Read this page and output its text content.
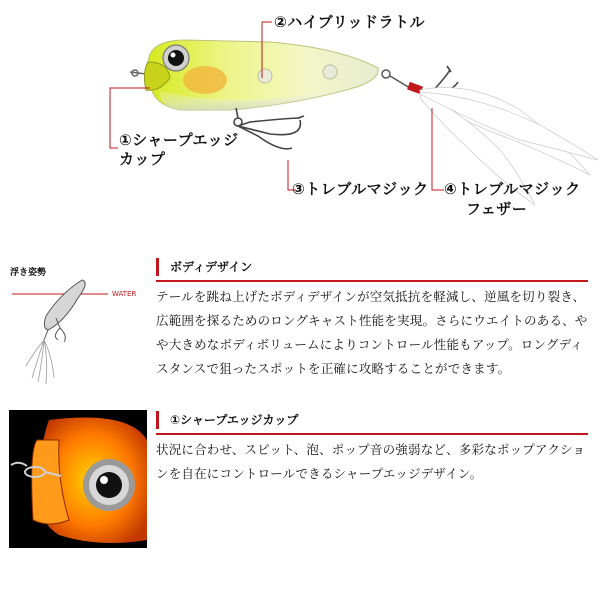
②ハイブリッドラトル
①シャープエッジ
カップ
③トレブルマジック ④トレブルマジック
フェザー
浮き姿勢
WATER
ボディデザイン
テールを跳ね上げたボディデザインが空気抵抗を軽減し、逆風を切り裂き、広範囲を探るためのロングキャスト性能を実現。さらにウエイトのある、やや大きめなボディボリュームによりコントロール性能もアップ。ロングディスタンスで狙ったスポットを正確に攻略することができます。
①シャープエッジカップ
状況に合わせ、スピット、泡、ポップ音の強弱など、多彩なポップアクションを自在にコントロールできるシャープエッジデザイン。
